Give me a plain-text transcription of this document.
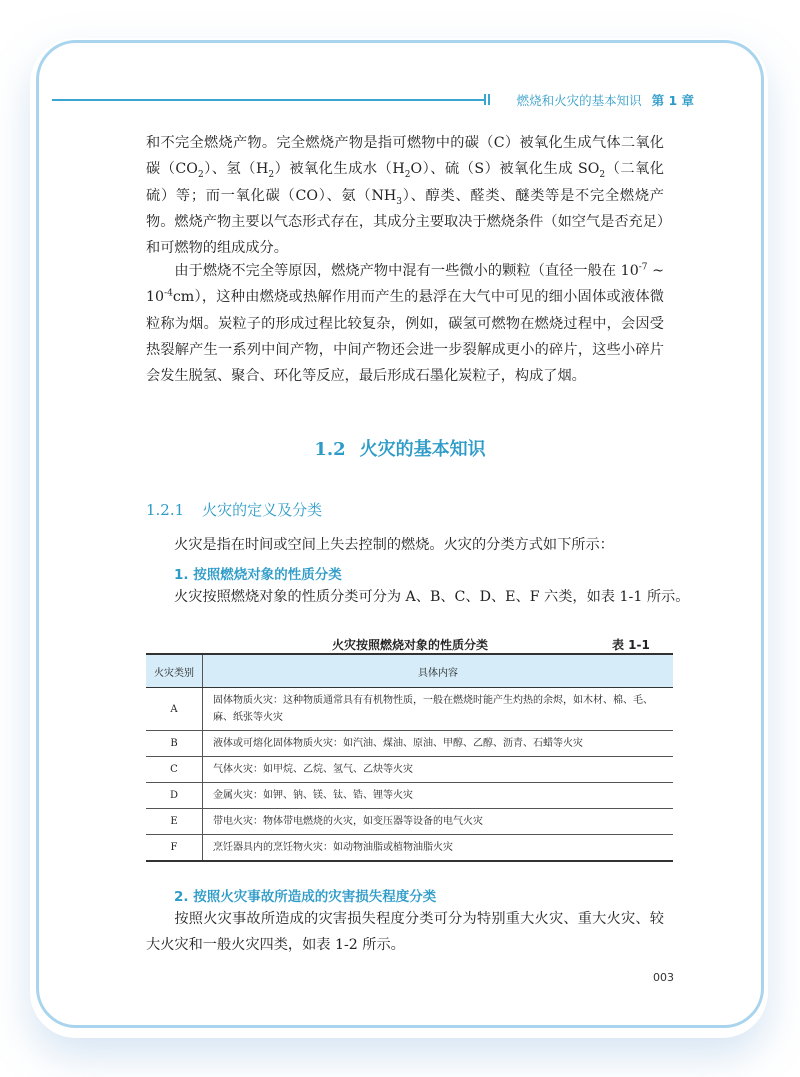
燃烧和火灾的基本知识 第 1 章

和不完全燃烧产物。完全燃烧产物是指可燃物中的碳（C）被氧化生成气体二氧化碳$(CO_2)$、氢$(H_2)$被氧化生成水$(H_2O)$、硫（S）被氧化生成 $SO_2$（二氧化硫）等；而一氧化碳（CO）、氨$(NH_3)$、醇类、醛类、醚类等是不完全燃烧产物。燃烧产物主要以气态形式存在，其成分主要取决于燃烧条件（如空气是否充足）和可燃物的组成成分。

由于燃烧不完全等原因，燃烧产物中混有一些微小的颗粒（直径一般在 $10^{-7}$ ~ $10^{-4}cm$），这种由燃烧或热解作用而产生的悬浮在大气中可见的细小固体或液体微粒称为烟。炭粒子的形成过程比较复杂，例如，碳氢可燃物在燃烧过程中，会因受热裂解产生一系列中间产物，中间产物还会进一步裂解成更小的碎片，这些小碎片会发生脱氢、聚合、环化等反应，最后形成石墨化炭粒子，构成了烟。

1.2 火灾的基本知识
1.2.1 火灾的定义及分类
火灾是指在时间或空间上失去控制的燃烧。火灾的分类方式如下所示：
1. 按照燃烧对象的性质分类
火灾按照燃烧对象的性质分类可分为 A、B、C、D、E、F 六类，如表 1-1 所示。
火灾按照燃烧对象的性质分类	表 1-1
火灾类别	具体内容
A	固体物质火灾：这种物质通常具有有机物性质，一般在燃烧时能产生灼热的余烬，如木材、棉、毛、麻、纸张等火灾
B	液体或可熔化固体物质火灾：如汽油、煤油、原油、甲醇、乙醇、沥青、石蜡等火灾
C	气体火灾：如甲烷、乙烷、氢气、乙炔等火灾
D	金属火灾：如钾、钠、镁、钛、锆、锂等火灾
E	带电火灾：物体带电燃烧的火灾，如变压器等设备的电气火灾
F	烹饪器具内的烹饪物火灾：如动物油脂或植物油脂火灾
2. 按照火灾事故所造成的灾害损失程度分类

按照火灾事故所造成的灾害损失程度分类可分为特别重大火灾、重大火灾、较大火灾和一般火灾四类，如表 1-2 所示。

003
